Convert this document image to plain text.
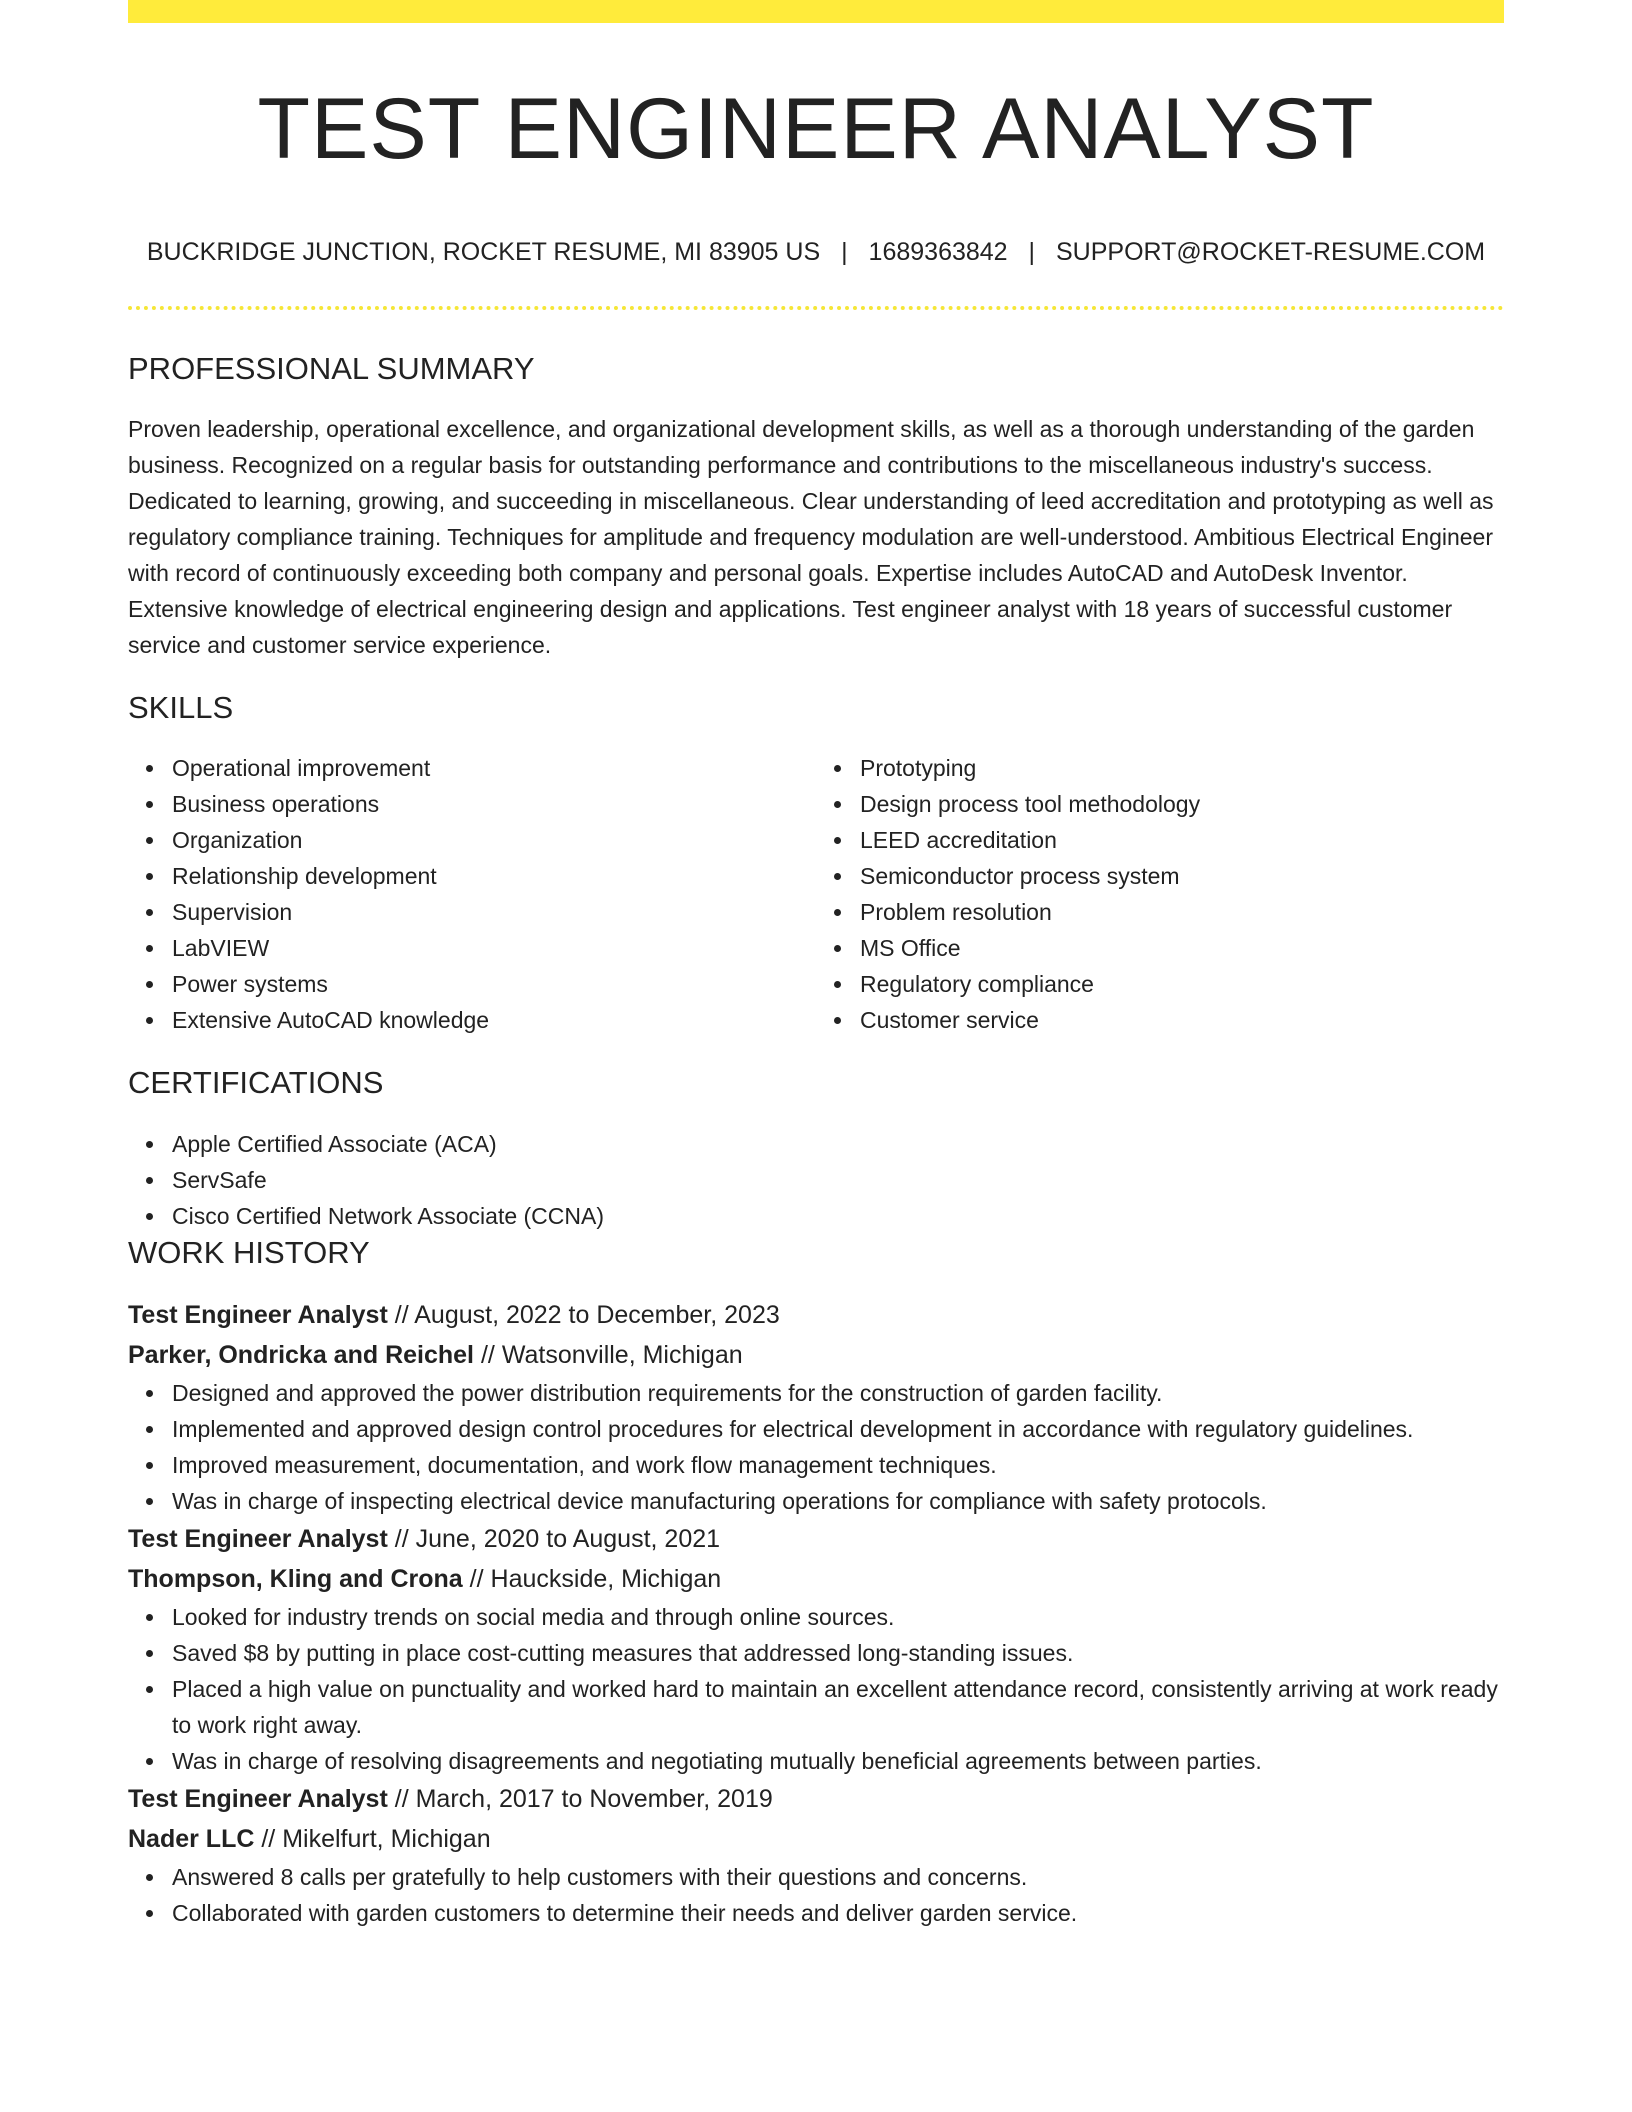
TEST ENGINEER ANALYST
BUCKRIDGE JUNCTION, ROCKET RESUME, MI 83905 US | 1689363842 | SUPPORT@ROCKET-RESUME.COM
PROFESSIONAL SUMMARY

Proven leadership, operational excellence, and organizational development skills, as well as a thorough understanding of the garden business. Recognized on a regular basis for outstanding performance and contributions to the miscellaneous industry's success. Dedicated to learning, growing, and succeeding in miscellaneous. Clear understanding of leed accreditation and prototyping as well as regulatory compliance training. Techniques for amplitude and frequency modulation are well-understood. Ambitious Electrical Engineer with record of continuously exceeding both company and personal goals. Expertise includes AutoCAD and AutoDesk Inventor. Extensive knowledge of electrical engineering design and applications. Test engineer analyst with 18 years of successful customer service and customer service experience.

SKILLS
Operational improvement
Business operations
Organization
Relationship development
Supervision
LabVIEW
Power systems
Extensive AutoCAD knowledge
Prototyping
Design process tool methodology
LEED accreditation
Semiconductor process system
Problem resolution
MS Office
Regulatory compliance
Customer service
CERTIFICATIONS
Apple Certified Associate (ACA)
ServSafe
Cisco Certified Network Associate (CCNA)
WORK HISTORY
Test Engineer Analyst // August, 2022 to December, 2023
Parker, Ondricka and Reichel // Watsonville, Michigan
Designed and approved the power distribution requirements for the construction of garden facility.
Implemented and approved design control procedures for electrical development in accordance with regulatory guidelines.
Improved measurement, documentation, and work flow management techniques.
Was in charge of inspecting electrical device manufacturing operations for compliance with safety protocols.
Test Engineer Analyst // June, 2020 to August, 2021
Thompson, Kling and Crona // Hauckside, Michigan
Looked for industry trends on social media and through online sources.
Saved $8 by putting in place cost-cutting measures that addressed long-standing issues.
Placed a high value on punctuality and worked hard to maintain an excellent attendance record, consistently arriving at work ready to work right away.
Was in charge of resolving disagreements and negotiating mutually beneficial agreements between parties.
Test Engineer Analyst // March, 2017 to November, 2019
Nader LLC // Mikelfurt, Michigan
Answered 8 calls per gratefully to help customers with their questions and concerns.
Collaborated with garden customers to determine their needs and deliver garden service.
